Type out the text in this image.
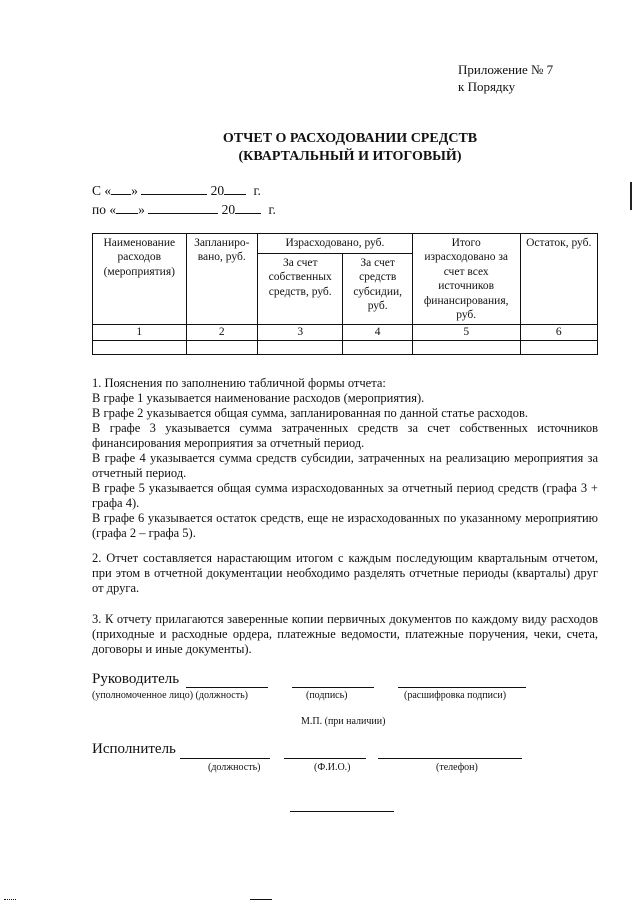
Приложение № 7
к Порядку
ОТЧЕТ О РАСХОДОВАНИИ СРЕДСТВ
(КВАРТАЛЬНЫЙ И ИТОГОВЫЙ)
С « »	20 г.
по « »	20 г.
Наименование расходов (мероприятия)	Запланиро-вано, руб.	Израсходовано, руб.		Итого израсходовано за счет всех источников финансирования, руб.	Остаток, руб.
		За счет собственных средств, руб.	За счет средств субсидии, руб.		
1	2	3	4	5	6

1. Пояснения по заполнению табличной формы отчета:
В графе 1 указывается наименование расходов (мероприятия).
В графе 2 указывается общая сумма, запланированная по данной статье расходов.
В графе 3 указывается сумма затраченных средств за счет собственных источников финансирования мероприятия за отчетный период.
В графе 4 указывается сумма средств субсидии, затраченных на реализацию мероприятия за отчетный период.
В графе 5 указывается общая сумма израсходованных за отчетный период средств (графа 3 + графа 4).
В графе 6 указывается остаток средств, еще не израсходованных по указанному мероприятию (графа 2 – графа 5).
2. Отчет составляется нарастающим итогом с каждым последующим квартальным отчетом, при этом в отчетной документации необходимо разделять отчетные периоды (кварталы) друг от друга.
3. К отчету прилагаются заверенные копии первичных документов по каждому виду расходов (приходные и расходные ордера, платежные ведомости, платежные поручения, чеки, счета, договоры и иные документы).
Руководитель
(уполномоченное лицо) (должность)	(подпись)	(расшифровка подписи)
М.П. (при наличии)
Исполнитель
(должность)	(Ф.И.О.)	(телефон)
